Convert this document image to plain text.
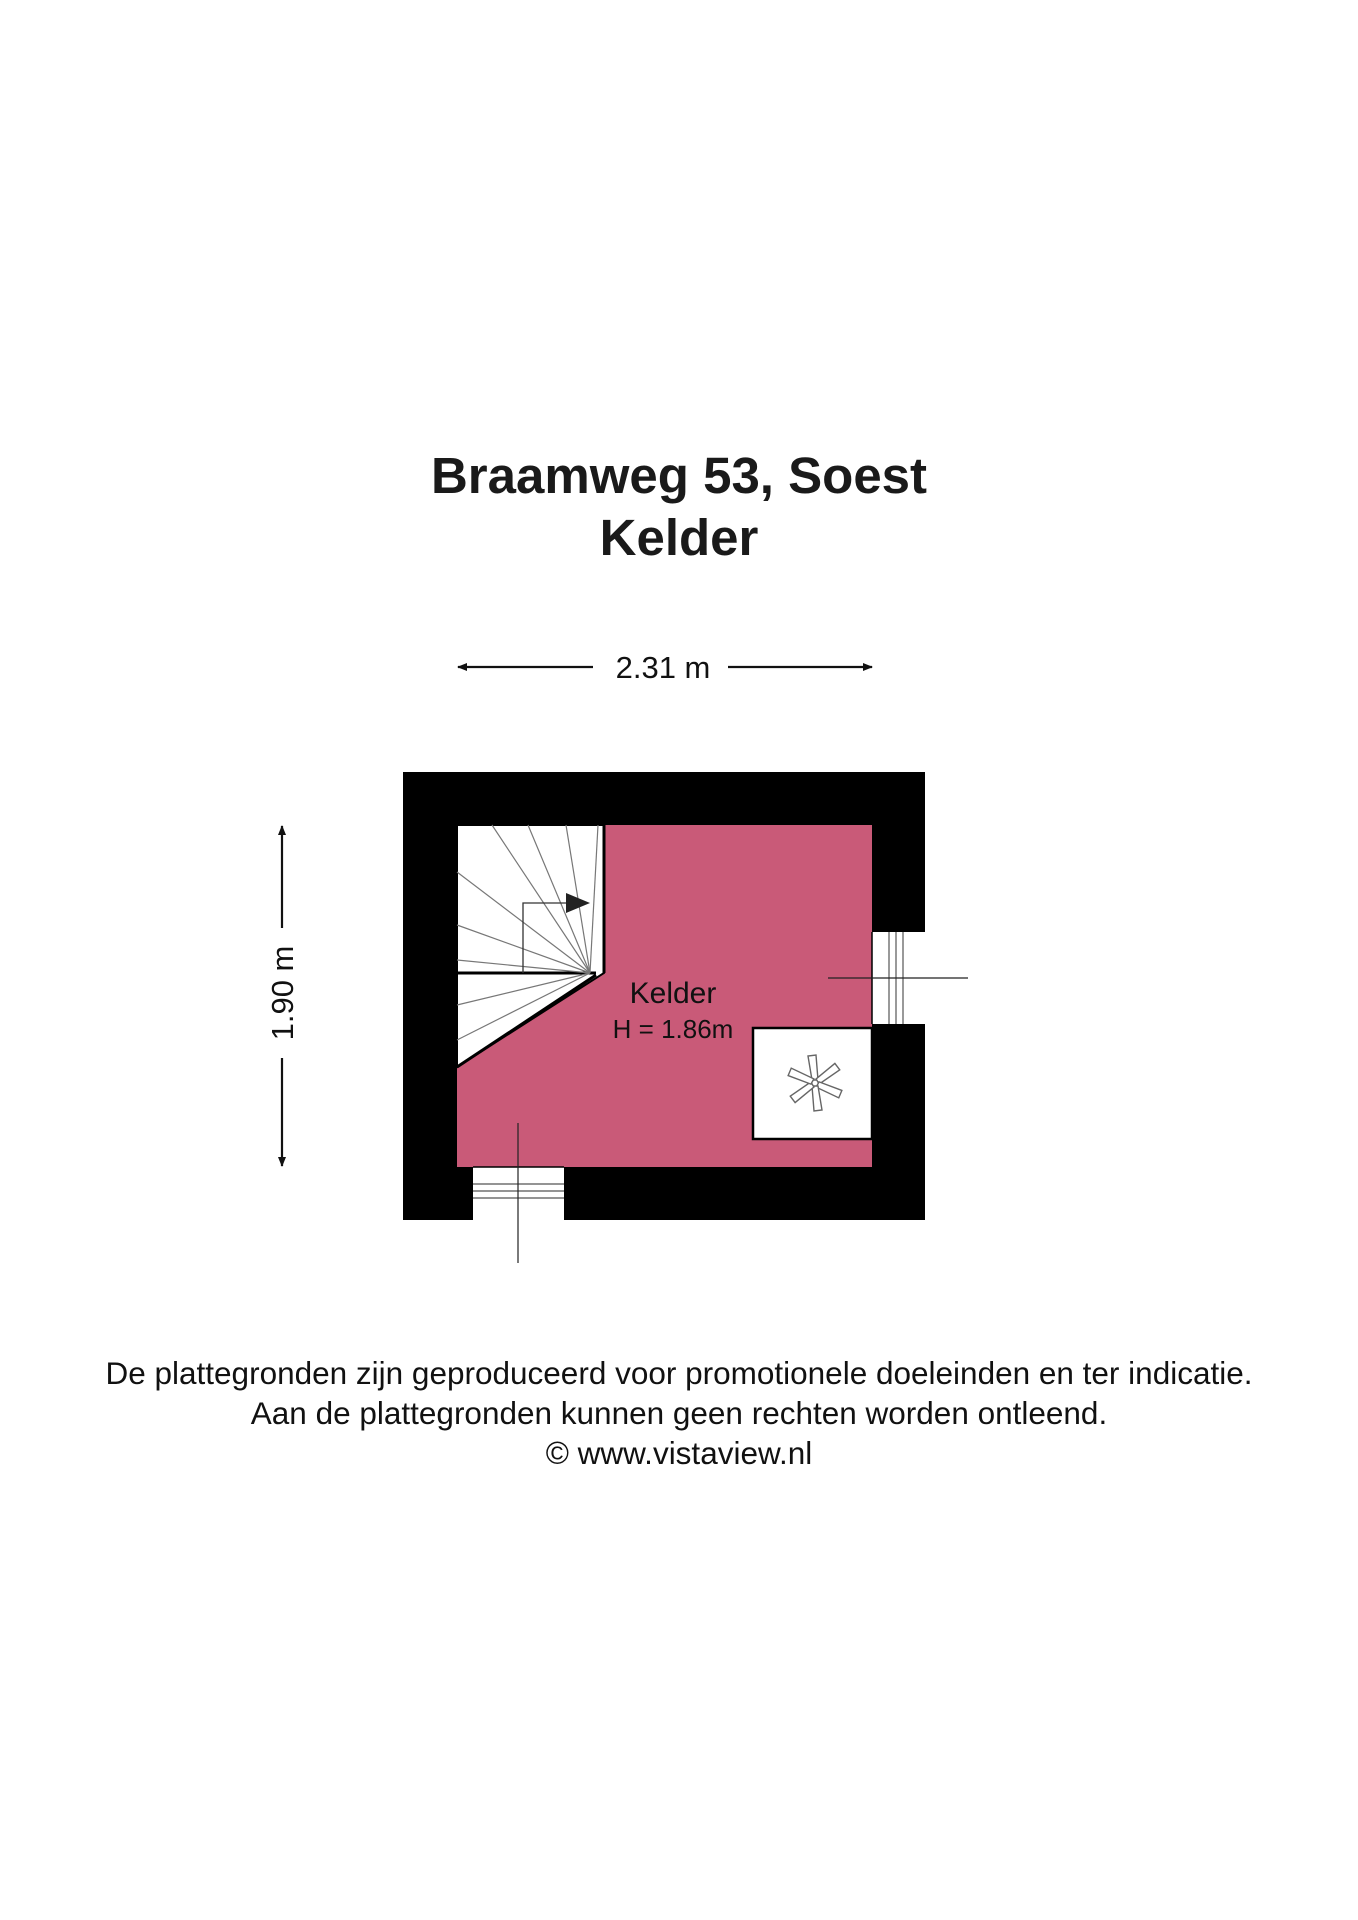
Braamweg 53, Soest
Kelder
2.31 m
1.90 m	Kelder
H = 1.86m
De plattegronden zijn geproduceerd voor promotionele doeleinden en ter indicatie.
Aan de plattegronden kunnen geen rechten worden ontleend.
© www.vistaview.nl
